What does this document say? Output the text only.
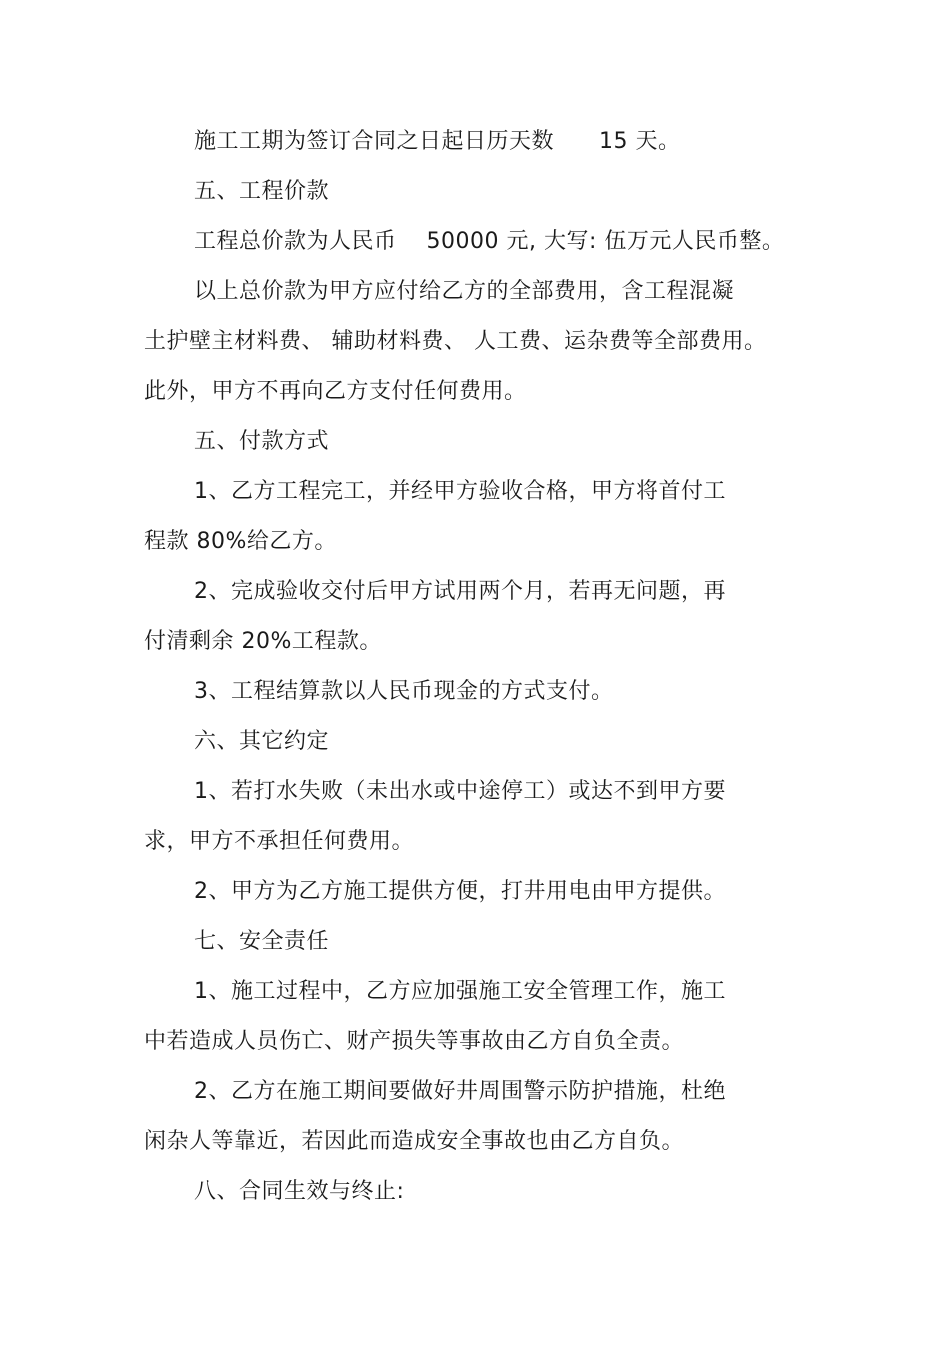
施工工期为签订合同之日起日历天数　　15 天。
五、工程价款
工程总价款为人民币　 50000 元, 大写: 伍万元人民币整。
以上总价款为甲方应付给乙方的全部费用，含工程混凝
土护壁主材料费、 辅助材料费、 人工费、运杂费等全部费用。
此外，甲方不再向乙方支付任何费用。
五、付款方式
1、乙方工程完工，并经甲方验收合格，甲方将首付工
程款 80%给乙方。
2、完成验收交付后甲方试用两个月，若再无问题，再
付清剩余 20%工程款。
3、工程结算款以人民币现金的方式支付。
六、其它约定
1、若打水失败（未出水或中途停工）或达不到甲方要
求，甲方不承担任何费用。
2、甲方为乙方施工提供方便，打井用电由甲方提供。
七、安全责任
1、施工过程中，乙方应加强施工安全管理工作，施工
中若造成人员伤亡、财产损失等事故由乙方自负全责。
2、乙方在施工期间要做好井周围警示防护措施，杜绝
闲杂人等靠近，若因此而造成安全事故也由乙方自负。
八、合同生效与终止:
